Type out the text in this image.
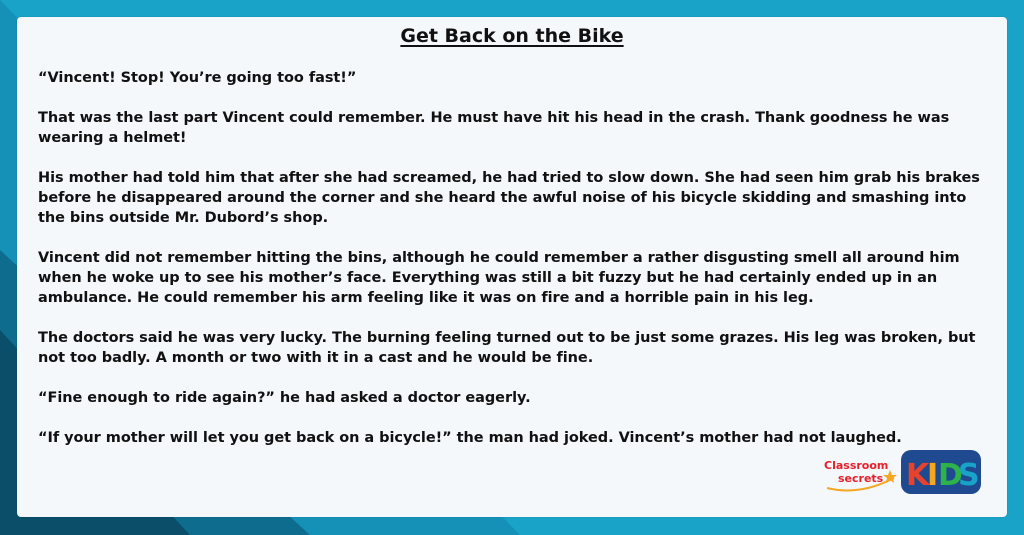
Get Back on the Bike

“Vincent! Stop! You’re going too fast!”

That was the last part Vincent could remember. He must have hit his head in the crash. Thank goodness he was wearing a helmet!

His mother had told him that after she had screamed, he had tried to slow down. She had seen him grab his brakes before he disappeared around the corner and she heard the awful noise of his bicycle skidding and smashing into the bins outside Mr. Dubord’s shop.

Vincent did not remember hitting the bins, although he could remember a rather disgusting smell all around him when he woke up to see his mother’s face. Everything was still a bit fuzzy but he had certainly ended up in an ambulance. He could remember his arm feeling like it was on fire and a horrible pain in his leg.

The doctors said he was very lucky. The burning feeling turned out to be just some grazes. His leg was broken, but not too badly. A month or two with it in a cast and he would be fine.

“Fine enough to ride again?” he had asked a doctor eagerly.

“If your mother will let you get back on a bicycle!” the man had joked. Vincent’s mother had not laughed.

Classroom
secrets K
I D
S
